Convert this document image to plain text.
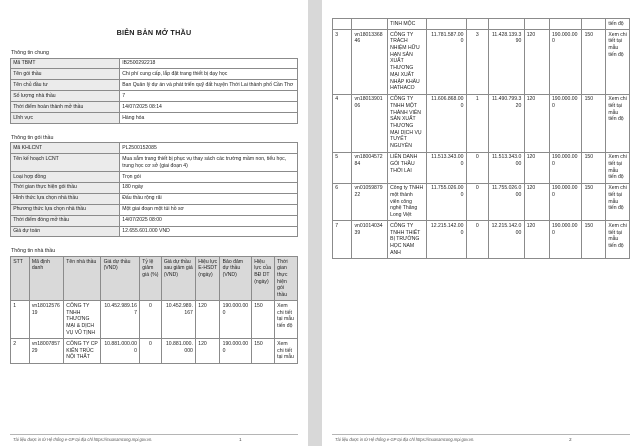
BIÊN BẢN MỞ THẦU
Thông tin chung
Mã TBMT	IB2500292218
Tên gói thầu	Chi phí cung cấp, lắp đặt trang thiết bị dạy học
Tên chủ đầu tư	Ban Quản lý dự án và phát triển quỹ đất huyện Thới Lai thành phố Cần Thơ
Số lượng nhà thầu	7
Thời điểm hoàn thành mở thầu	14/07/2025 08:14
Lĩnh vực	Hàng hóa
Thông tin gói thầu
Mã KHLCNT	PL2500152085
Tên kế hoạch LCNT	Mua sắm trang thiết bị phục vụ thay sách các trường mầm non, tiểu học, trung học cơ sở (giai đoạn 4)
Loại hợp đồng	Trọn gói
Thời gian thực hiện gói thầu	180 ngày
Hình thức lựa chọn nhà thầu	Đấu thầu rộng rãi
Phương thức lựa chọn nhà thầu	Một giai đoạn một túi hồ sơ
Thời điểm đóng mở thầu	14/07/2025 08:00
Giá dự toán	12.655.601.000 VND
Thông tin nhà thầu
STT	Mã định danh	Tên nhà thầu	Giá dự thầu (VND)	Tỷ lệ giảm giá (%)	Giá dự thầu sau giảm giá (VND)	Hiệu lực E-HSDT (ngày)	Bảo đảm dự thầu (VND)	Hiệu lực của BĐ DT (ngày)	Thời gian thực hiện gói thầu
1	vn1801257619	CÔNG TY TNHH THƯƠNG MẠI & DỊCH VỤ VŨ TỊNH	10.452.989.167	0	10.452.989.167	120	190.000.000	150	Xem chi tiết tại mẫu tiến độ
2	vn1800785729	CÔNG TY CP KIẾN TRÚC NỘI THẤT	10.881.000.000	0	10.881.000.000	120	190.000.000	150	Xem chi tiết tại mẫu
Tài liệu được in từ Hệ thống e-GP tại địa chỉ https://muasamcong.mpi.gov.vn.	1
		TINH MỘC							tiến độ
3	vn1801336846	CÔNG TY TRÁCH NHIỆM HỮU HẠN SẢN XUẤT THƯƠNG MẠI XUẤT NHẬP KHẨU HATHACO	11.781.587.000	3	11.428.139.390	120	190.000.000	150	Xem chi tiết tại mẫu tiến độ
4	vn1801390106	CÔNG TY TNHH MỘT THÀNH VIÊN SẢN XUẤT THƯƠNG MẠI DỊCH VỤ TUYẾT NGUYÊN	11.606.868.000	1	11.490.799.320	120	190.000.000	150	Xem chi tiết tại mẫu tiến độ
5	vn1800457284	LIÊN DANH GÓI THẦU THỚI LAI	11.513.343.000	0	11.513.343.000	120	190.000.000	150	Xem chi tiết tại mẫu tiến độ
6	vn0105987922	Công ty TNHH một thành viên công nghệ Thăng Long Việt	11.755.026.000	0	11.755.026.000	120	190.000.000	150	Xem chi tiết tại mẫu tiến độ
7	vn0101403439	CÔNG TY TNHH THIẾT BỊ TRƯỜNG HỌC NAM ANH	12.215.142.000	0	12.215.142.000	120	190.000.000	150	Xem chi tiết tại mẫu tiến độ
Tài liệu được in từ Hệ thống e-GP tại địa chỉ https://muasamcong.mpi.gov.vn.	2
